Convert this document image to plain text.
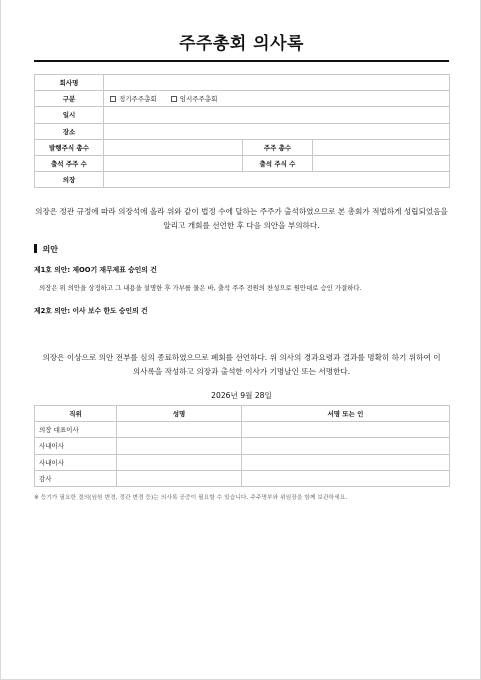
주주총회 의사록
회사명			
구분	정기주주총회 임시주주총회		
일시			
장소			
발행주식 총수		주주 총수	
출석 주주 수		출석 주식 수	
의장			
의장은 정관 규정에 따라 의장석에 올라 위와 같이 법정 수에 달하는 주주가 출석하였으므로 본 총회가 적법하게 성립되었음을
알리고 개회를 선언한 후 다음 의안을 부의하다.
의안
제1호 의안: 제OO기 재무제표 승인의 건
의장은 위 의안을 상정하고 그 내용을 설명한 후 가부를 물은 바, 출석 주주 전원의 찬성으로 원안대로 승인 가결하다.
제2호 의안: 이사 보수 한도 승인의 건
의장은 이상으로 의안 전부를 심의 종료하였으므로 폐회를 선언하다. 위 의사의 경과요령과 결과를 명확히 하기 위하여 이
의사록을 작성하고 의장과 출석한 이사가 기명날인 또는 서명한다.
2026년 9월 28일
직위	성명	서명 또는 인
의장 대표이사		
사내이사		
사내이사		
감사		
※ 등기가 필요한 결의(임원 변경, 정관 변경 등)는 의사록 공증이 필요할 수 있습니다. 주주명부와 위임장을 함께 보관하세요.
